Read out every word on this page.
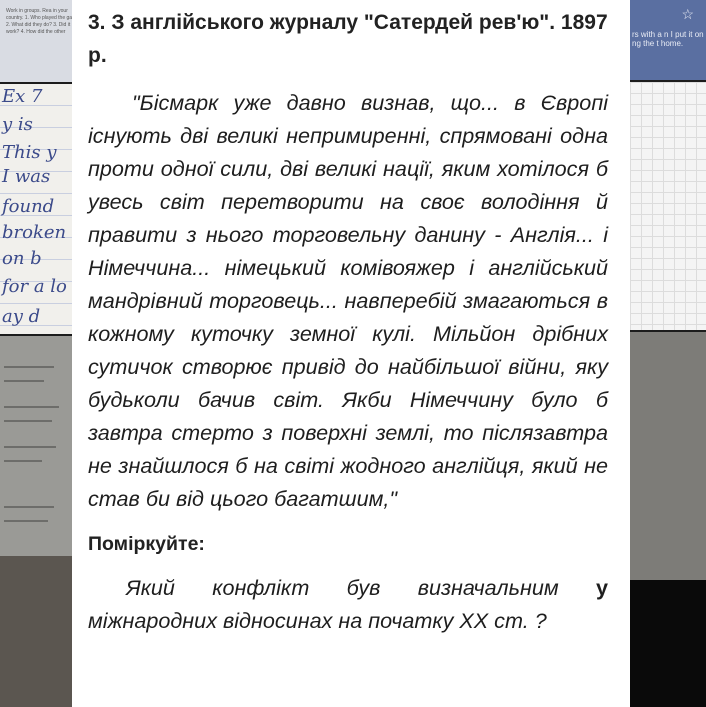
Work in groups. Rea in your country. 1. Who played the ga 2. What did they do? 3. Did it work? 4. How did the other
Ex 7
y is
This y
I was
found
broken
on b
for a lo
ay d
☆
rs with a n I put it on ng the t home.
3. З англійського журналу "Сатердей рев'ю". 1897 р.
"Бісмарк уже давно визнав, що... в Європі існують дві великі непримиренні, спрямовані одна проти одної сили, дві великі нації, яким хотілося б увесь світ перетворити на своє володіння й правити з нього торговельну данину - Англія... і Німеччина... німецький комівояжер і англійський мандрівний торговець... навперебій змагаються в кожному куточку земної кулі. Мільйон дрібних сутичок створює привід до найбільшої війни, яку будьколи бачив світ. Якби Німеччину було б завтра стерто з поверхні землі, то післязавтра не знайшлося б на світі жодного англійця, який не став би від цього багатшим,"
Поміркуйте:
Який конфлікт був визначальним у міжнародних відносинах на початку XX ст. ?
